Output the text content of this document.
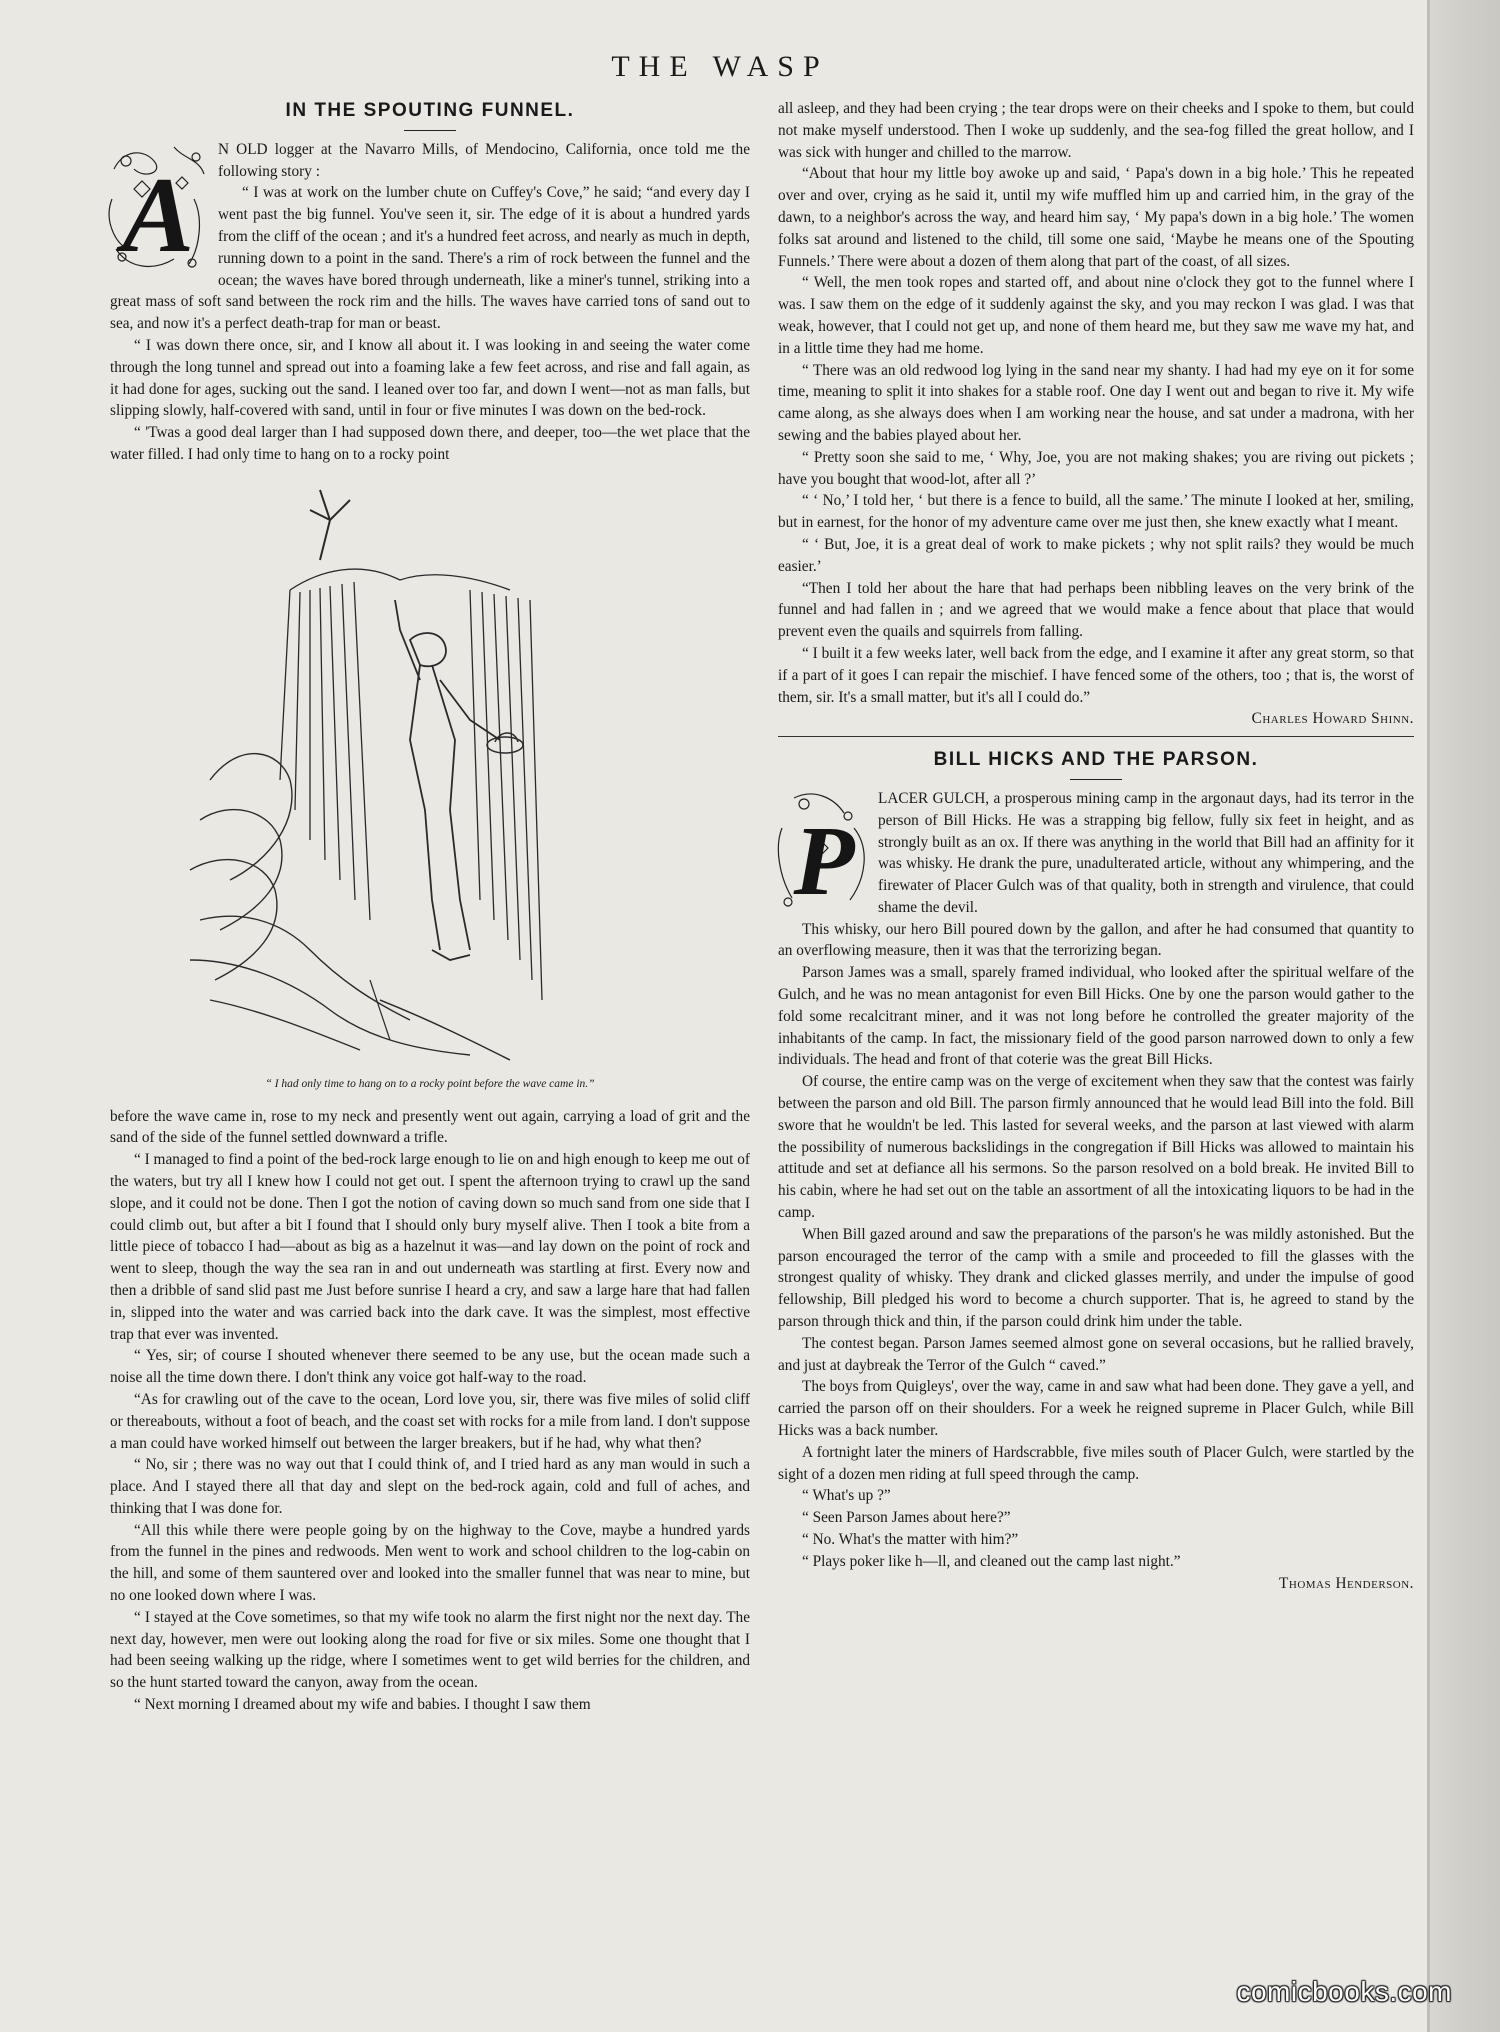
THE WASP
IN THE SPOUTING FUNNEL.
A

N OLD logger at the Navarro Mills, of Mendocino, California, once told me the following story :

“ I was at work on the lumber chute on Cuffey's Cove,” he said; “and every day I went past the big funnel. You've seen it, sir. The edge of it is about a hundred yards from the cliff of the ocean ; and it's a hundred feet across, and nearly as much in depth, running down to a point in the sand. There's a rim of rock between the funnel and the ocean; the waves have bored through underneath, like a miner's tunnel, striking into a great mass of soft sand between the rock rim and the hills. The waves have carried tons of sand out to sea, and now it's a perfect death-trap for man or beast.

“ I was down there once, sir, and I know all about it. I was looking in and seeing the water come through the long tunnel and spread out into a foaming lake a few feet across, and rise and fall again, as it had done for ages, sucking out the sand. I leaned over too far, and down I went—not as man falls, but slipping slowly, half-covered with sand, until in four or five minutes I was down on the bed-rock.

“ 'Twas a good deal larger than I had supposed down there, and deeper, too—the wet place that the water filled. I had only time to hang on to a rocky point

“ I had only time to hang on to a rocky point before the wave came in.”

before the wave came in, rose to my neck and presently went out again, carrying a load of grit and the sand of the side of the funnel settled downward a trifle.

“ I managed to find a point of the bed-rock large enough to lie on and high enough to keep me out of the waters, but try all I knew how I could not get out. I spent the afternoon trying to crawl up the sand slope, and it could not be done. Then I got the notion of caving down so much sand from one side that I could climb out, but after a bit I found that I should only bury myself alive. Then I took a bite from a little piece of tobacco I had—about as big as a hazelnut it was—and lay down on the point of rock and went to sleep, though the way the sea ran in and out underneath was startling at first. Every now and then a dribble of sand slid past me Just before sunrise I heard a cry, and saw a large hare that had fallen in, slipped into the water and was carried back into the dark cave. It was the simplest, most effective trap that ever was invented.

“ Yes, sir; of course I shouted whenever there seemed to be any use, but the ocean made such a noise all the time down there. I don't think any voice got half-way to the road.

“As for crawling out of the cave to the ocean, Lord love you, sir, there was five miles of solid cliff or thereabouts, without a foot of beach, and the coast set with rocks for a mile from land. I don't suppose a man could have worked himself out between the larger breakers, but if he had, why what then?

“ No, sir ; there was no way out that I could think of, and I tried hard as any man would in such a place. And I stayed there all that day and slept on the bed-rock again, cold and full of aches, and thinking that I was done for.

“All this while there were people going by on the highway to the Cove, maybe a hundred yards from the funnel in the pines and redwoods. Men went to work and school children to the log-cabin on the hill, and some of them sauntered over and looked into the smaller funnel that was near to mine, but no one looked down where I was.

“ I stayed at the Cove sometimes, so that my wife took no alarm the first night nor the next day. The next day, however, men were out looking along the road for five or six miles. Some one thought that I had been seeing walking up the ridge, where I sometimes went to get wild berries for the children, and so the hunt started toward the canyon, away from the ocean.

“ Next morning I dreamed about my wife and babies. I thought I saw them

all asleep, and they had been crying ; the tear drops were on their cheeks and I spoke to them, but could not make myself understood. Then I woke up suddenly, and the sea-fog filled the great hollow, and I was sick with hunger and chilled to the marrow.

“About that hour my little boy awoke up and said, ‘ Papa's down in a big hole.’ This he repeated over and over, crying as he said it, until my wife muffled him up and carried him, in the gray of the dawn, to a neighbor's across the way, and heard him say, ‘ My papa's down in a big hole.’ The women folks sat around and listened to the child, till some one said, ‘Maybe he means one of the Spouting Funnels.’ There were about a dozen of them along that part of the coast, of all sizes.

“ Well, the men took ropes and started off, and about nine o'clock they got to the funnel where I was. I saw them on the edge of it suddenly against the sky, and you may reckon I was glad. I was that weak, however, that I could not get up, and none of them heard me, but they saw me wave my hat, and in a little time they had me home.

“ There was an old redwood log lying in the sand near my shanty. I had had my eye on it for some time, meaning to split it into shakes for a stable roof. One day I went out and began to rive it. My wife came along, as she always does when I am working near the house, and sat under a madrona, with her sewing and the babies played about her.

“ Pretty soon she said to me, ‘ Why, Joe, you are not making shakes; you are riving out pickets ; have you bought that wood-lot, after all ?’

“ ‘ No,’ I told her, ‘ but there is a fence to build, all the same.’ The minute I looked at her, smiling, but in earnest, for the honor of my adventure came over me just then, she knew exactly what I meant.

“ ‘ But, Joe, it is a great deal of work to make pickets ; why not split rails? they would be much easier.’

“Then I told her about the hare that had perhaps been nibbling leaves on the very brink of the funnel and had fallen in ; and we agreed that we would make a fence about that place that would prevent even the quails and squirrels from falling.

“ I built it a few weeks later, well back from the edge, and I examine it after any great storm, so that if a part of it goes I can repair the mischief. I have fenced some of the others, too ; that is, the worst of them, sir. It's a small matter, but it's all I could do.”

Charles Howard Shinn.

BILL HICKS AND THE PARSON.
P

LACER GULCH, a prosperous mining camp in the argonaut days, had its terror in the person of Bill Hicks. He was a strapping big fellow, fully six feet in height, and as strongly built as an ox. If there was anything in the world that Bill had an affinity for it was whisky. He drank the pure, unadulterated article, without any whimpering, and the firewater of Placer Gulch was of that quality, both in strength and virulence, that could shame the devil.

This whisky, our hero Bill poured down by the gallon, and after he had consumed that quantity to an overflowing measure, then it was that the terrorizing began.

Parson James was a small, sparely framed individual, who looked after the spiritual welfare of the Gulch, and he was no mean antagonist for even Bill Hicks. One by one the parson would gather to the fold some recalcitrant miner, and it was not long before he controlled the greater majority of the inhabitants of the camp. In fact, the missionary field of the good parson narrowed down to only a few individuals. The head and front of that coterie was the great Bill Hicks.

Of course, the entire camp was on the verge of excitement when they saw that the contest was fairly between the parson and old Bill. The parson firmly announced that he would lead Bill into the fold. Bill swore that he wouldn't be led. This lasted for several weeks, and the parson at last viewed with alarm the possibility of numerous backslidings in the congregation if Bill Hicks was allowed to maintain his attitude and set at defiance all his sermons. So the parson resolved on a bold break. He invited Bill to his cabin, where he had set out on the table an assortment of all the intoxicating liquors to be had in the camp.

When Bill gazed around and saw the preparations of the parson's he was mildly astonished. But the parson encouraged the terror of the camp with a smile and proceeded to fill the glasses with the strongest quality of whisky. They drank and clicked glasses merrily, and under the impulse of good fellowship, Bill pledged his word to become a church supporter. That is, he agreed to stand by the parson through thick and thin, if the parson could drink him under the table.

The contest began. Parson James seemed almost gone on several occasions, but he rallied bravely, and just at daybreak the Terror of the Gulch “ caved.”

The boys from Quigleys', over the way, came in and saw what had been done. They gave a yell, and carried the parson off on their shoulders. For a week he reigned supreme in Placer Gulch, while Bill Hicks was a back number.

A fortnight later the miners of Hardscrabble, five miles south of Placer Gulch, were startled by the sight of a dozen men riding at full speed through the camp.

“ What's up ?”

“ Seen Parson James about here?”

“ No. What's the matter with him?”

“ Plays poker like h—ll, and cleaned out the camp last night.”

Thomas Henderson.

comicbooks.com
